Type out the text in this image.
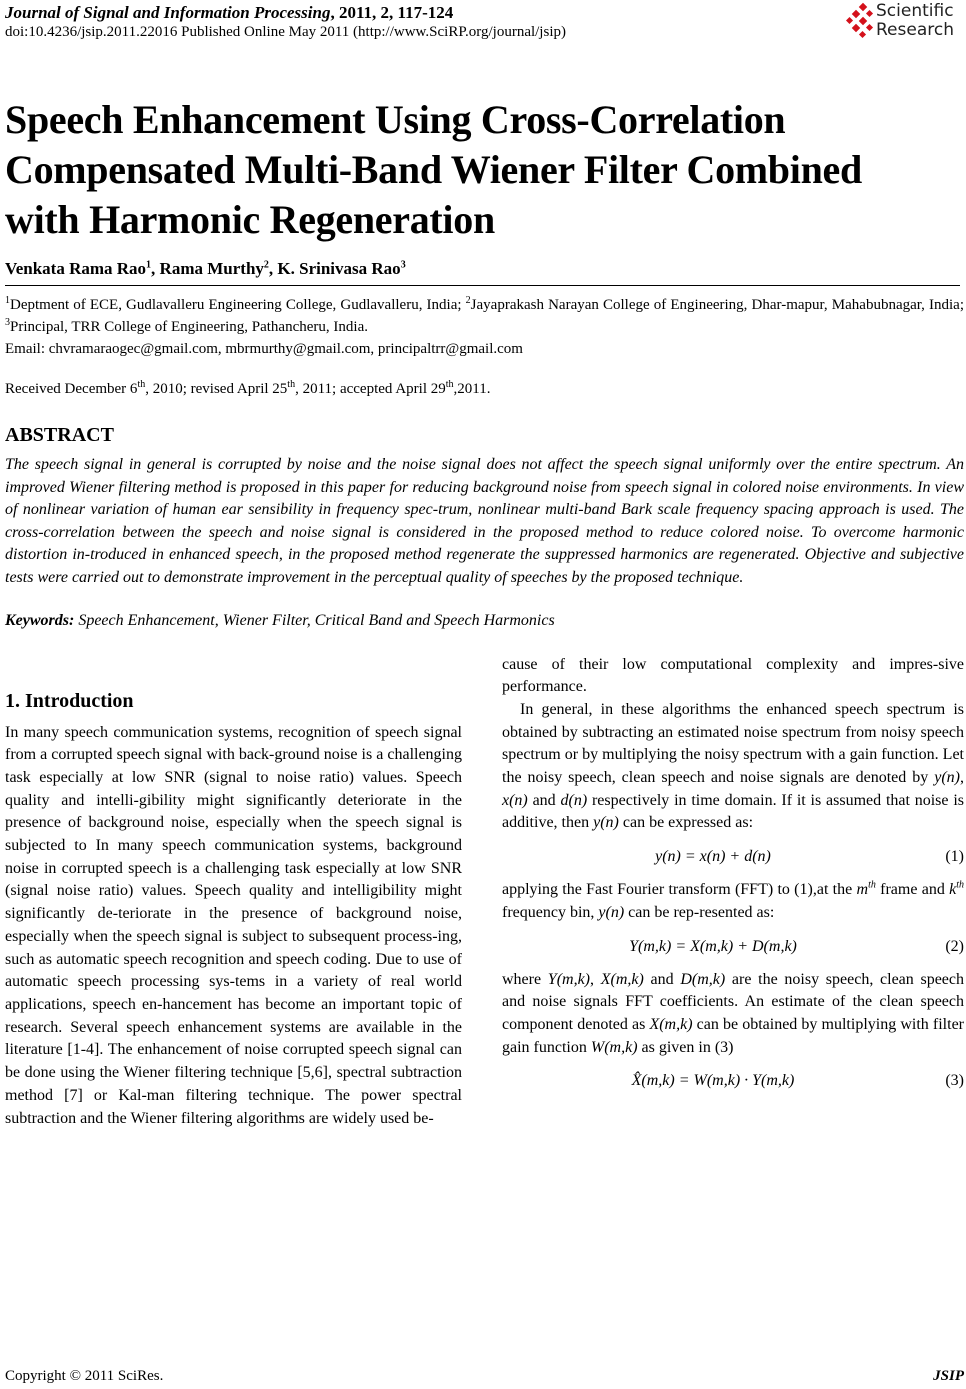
Journal of Signal and Information Processing, 2011, 2, 117-124
doi:10.4236/jsip.2011.22016 Published Online May 2011 (http://www.SciRP.org/journal/jsip)
Scientific
Research
Speech Enhancement Using Cross-Correlation
Compensated Multi-Band Wiener Filter Combined
with Harmonic Regeneration
Venkata Rama Rao$^1$, Rama Murthy$^2$, K. Srinivasa Rao$^3$
$^1$Deptment of ECE, Gudlavalleru Engineering College, Gudlavalleru, India; $^2$Jayaprakash Narayan College of Engineering, Dhar-mapur, Mahabubnagar, India; $^3$Principal, TRR College of Engineering, Pathancheru, India.
Email: chvramaraogec@gmail.com, mbrmurthy@gmail.com, principaltrr@gmail.com
Received December 6th, 2010; revised April 25th, 2011; accepted April 29th,2011.
ABSTRACT
The speech signal in general is corrupted by noise and the noise signal does not affect the speech signal uniformly over the entire spectrum. An improved Wiener filtering method is proposed in this paper for reducing background noise from speech signal in colored noise environments. In view of nonlinear variation of human ear sensibility in frequency spec-trum, nonlinear multi-band Bark scale frequency spacing approach is used. The cross-correlation between the speech and noise signal is considered in the proposed method to reduce colored noise. To overcome harmonic distortion in-troduced in enhanced speech, in the proposed method regenerate the suppressed harmonics are regenerated. Objective and subjective tests were carried out to demonstrate improvement in the perceptual quality of speeches by the proposed technique.
Keywords: Speech Enhancement, Wiener Filter, Critical Band and Speech Harmonics
1. Introduction
In many speech communication systems, recognition of speech signal from a corrupted speech signal with back-ground noise is a challenging task especially at low SNR (signal to noise ratio) values. Speech quality and intelli-gibility might significantly deteriorate in the presence of background noise, especially when the speech signal is subjected to In many speech communication systems, background noise in corrupted speech is a challenging task especially at low SNR (signal noise ratio) values. Speech quality and intelligibility might significantly de-teriorate in the presence of background noise, especially when the speech signal is subject to subsequent process-ing, such as automatic speech recognition and speech coding. Due to use of automatic speech processing sys-tems in a variety of real world applications, speech en-hancement has become an important topic of research. Several speech enhancement systems are available in the literature [1-4]. The enhancement of noise corrupted speech signal can be done using the Wiener filtering technique [5,6], spectral subtraction method [7] or Kal-man filtering technique. The power spectral subtraction and the Wiener filtering algorithms are widely used be-

cause of their low computational complexity and impres-sive performance.

In general, in these algorithms the enhanced speech spectrum is obtained by subtracting an estimated noise spectrum from noisy speech spectrum or by multiplying the noisy spectrum with a gain function. Let the noisy speech, clean speech and noise signals are denoted by y(n), x(n) and d(n) respectively in time domain. If it is assumed that noise is additive, then y(n) can be expressed as:

y(n) = x(n) + d(n)	(1)

applying the Fast Fourier transform (FFT) to (1),at the $m^{th}$ frame and $k^{th}$ frequency bin, y(n) can be rep-resented as:

Y(m,k) = X(m,k) + D(m,k)	(2)

where Y(m,k), X(m,k) and D(m,k) are the noisy speech, clean speech and noise signals FFT coefficients. An estimate of the clean speech component denoted as X(m,k) can be obtained by multiplying with filter gain function W(m,k) as given in (3)

X̂(m,k) = W(m,k) · Y(m,k)	(3)
Copyright © 2011 SciRes.	JSIP
